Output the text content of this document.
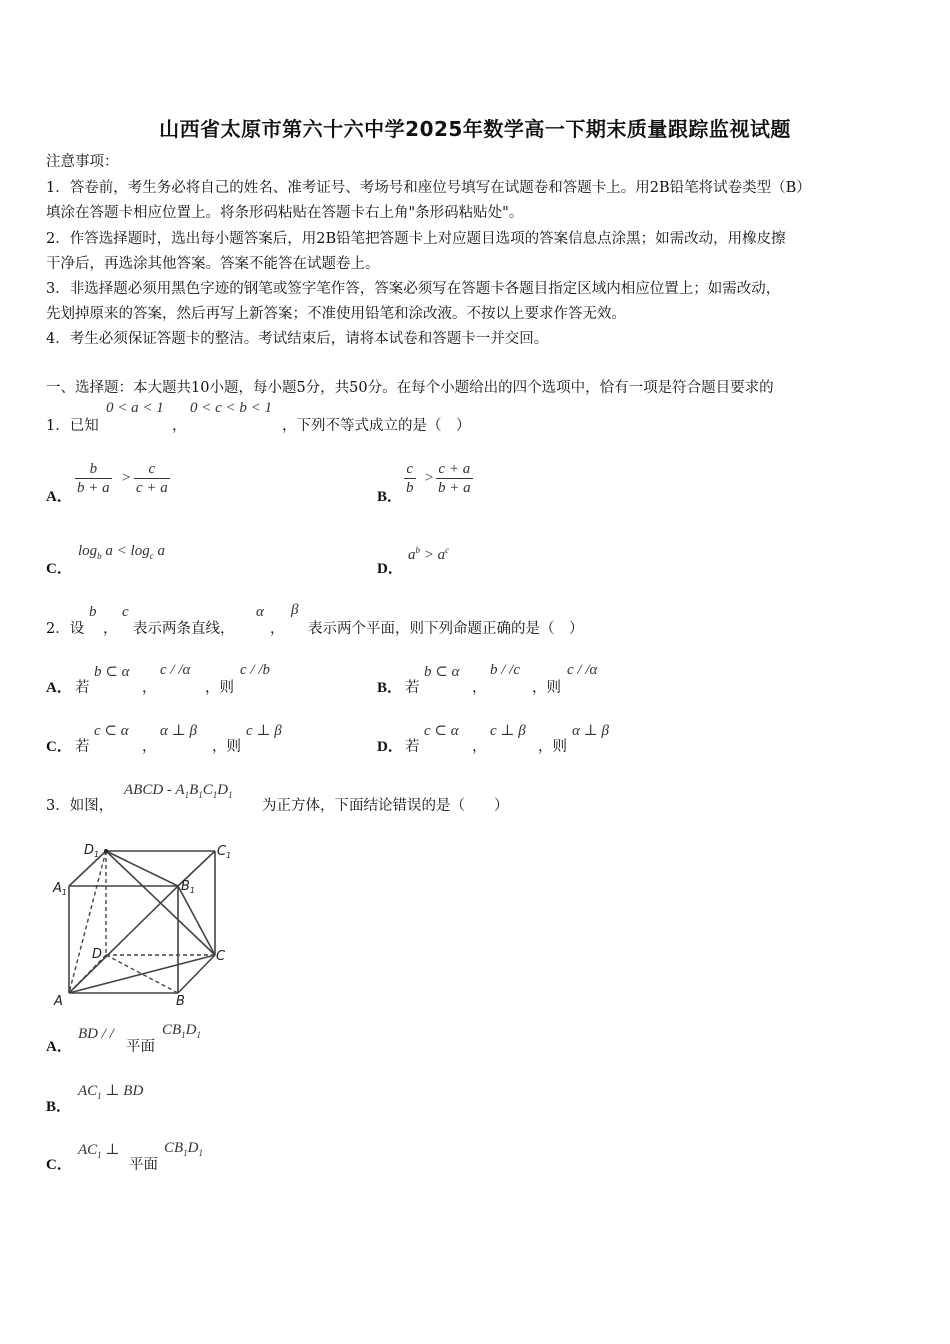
山西省太原市第六十六中学2025年数学高一下期末质量跟踪监视试题
注意事项：
1．答卷前，考生务必将自己的姓名、准考证号、考场号和座位号填写在试题卷和答题卡上。用2B铅笔将试卷类型（B）
填涂在答题卡相应位置上。将条形码粘贴在答题卡右上角"条形码粘贴处"。
2．作答选择题时，选出每小题答案后，用2B铅笔把答题卡上对应题目选项的答案信息点涂黑；如需改动，用橡皮擦
干净后，再选涂其他答案。答案不能答在试题卷上。
3．非选择题必须用黑色字迹的钢笔或签字笔作答，答案必须写在答题卡各题目指定区域内相应位置上；如需改动，
先划掉原来的答案，然后再写上新答案；不准使用铅笔和涂改液。不按以上要求作答无效。
4．考生必须保证答题卡的整洁。考试结束后，请将本试卷和答题卡一并交回。
一、选择题：本大题共10小题，每小题5分，共50分。在每个小题给出的四个选项中，恰有一项是符合题目要求的
1．已知
0 < a < 1
，
0 < c < b < 1
，下列不等式成立的是（　）
A． $\frac{b}{b + a} > \frac{c}{c + a}$	B． $\frac{c}{b} > \frac{c + a}{b + a}$
C．
$\log_b a < \log_c a$
D．
$a^b > a^c$
2．设
b
，
c
表示两条直线，
α
，
β
表示两个平面，则下列命题正确的是（　）
A． 若
b ⊂ α
，
c / /α
，则
c / /b
B． 若
b ⊂ α
，
b / /c
，则
c / /α
C． 若
c ⊂ α
，
α ⊥ β
，则
c ⊥ β
D． 若
c ⊂ α
，
c ⊥ β
，则
α ⊥ β
3．如图，
ABCD - $A_1B_1C_1D_1$
为正方体，下面结论错误的是（　　）
$D_1$	$C_1$
$A_1$	$B_1$
D	C
A	B
A．
BD / /
平面
$CB_1D_1$
B．
$AC_1$ ⊥ BD
C．
$AC_1$ ⊥
平面
$CB_1D_1$
